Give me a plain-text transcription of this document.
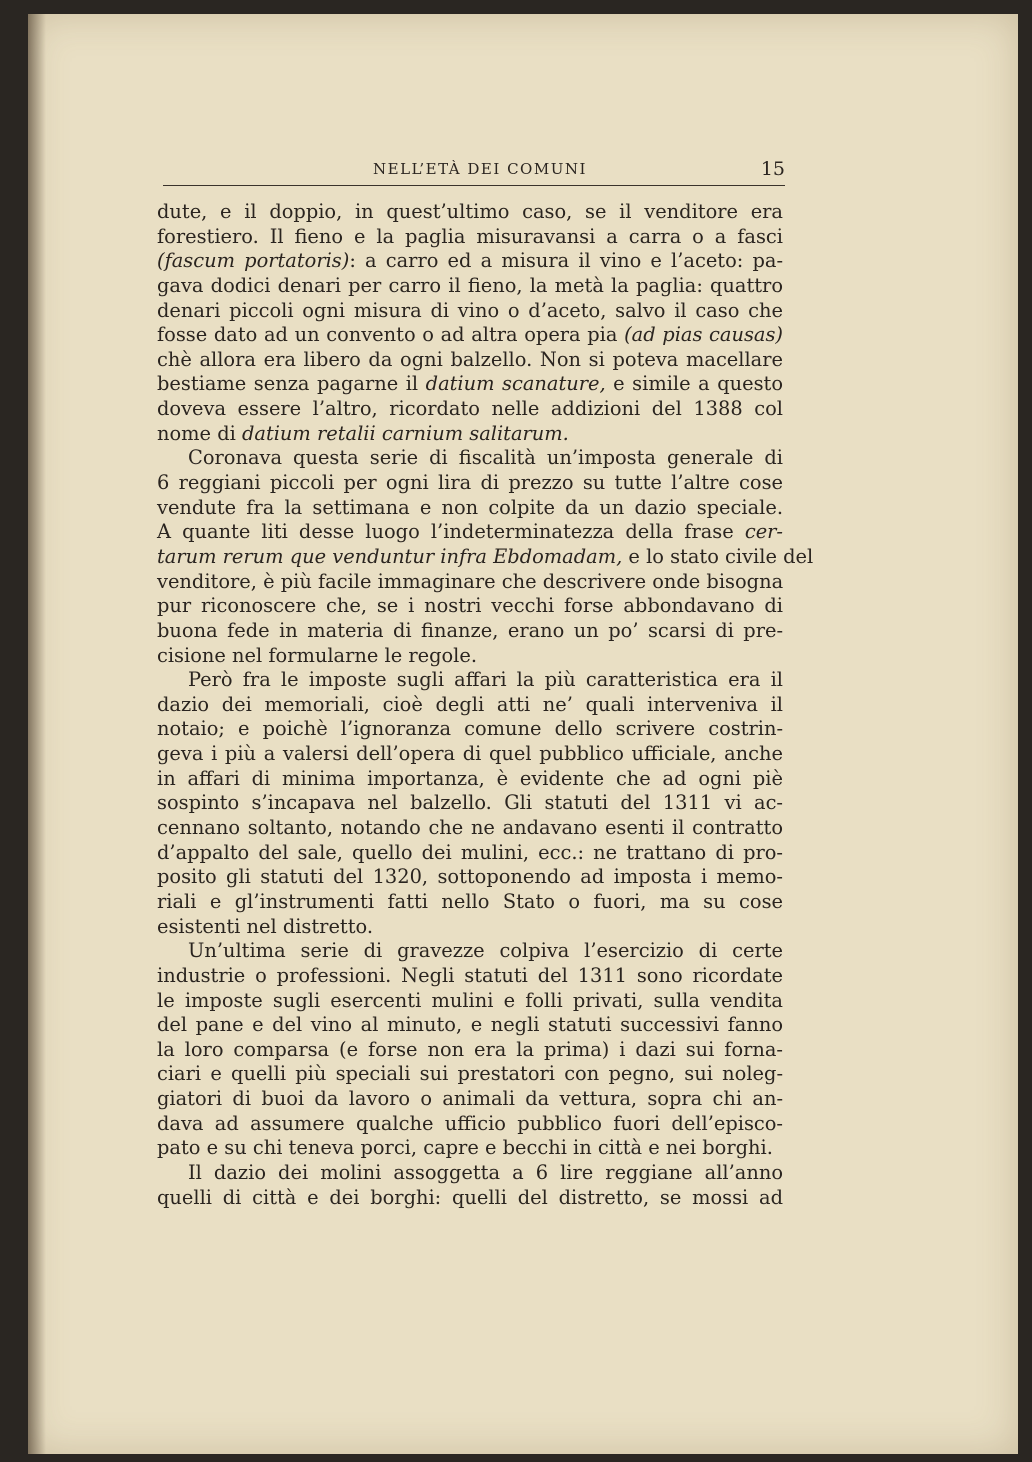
NELL’ETÀ DEI COMUNI	15
dute, e il doppio, in quest’ultimo caso, se il venditore era
forestiero. Il fieno e la paglia misuravansi a carra o a fasci
(fascum portatoris): a carro ed a misura il vino e l’aceto: pa-
gava dodici denari per carro il fieno, la metà la paglia: quattro
denari piccoli ogni misura di vino o d’aceto, salvo il caso che
fosse dato ad un convento o ad altra opera pia (ad pias causas)
chè allora era libero da ogni balzello. Non si poteva macellare
bestiame senza pagarne il datium scanature, e simile a questo
doveva essere l’altro, ricordato nelle addizioni del 1388 col
nome di datium retalii carnium salitarum.
Coronava questa serie di fiscalità un’imposta generale di
6 reggiani piccoli per ogni lira di prezzo su tutte l’altre cose
vendute fra la settimana e non colpite da un dazio speciale.
A quante liti desse luogo l’indeterminatezza della frase cer-
tarum rerum que venduntur infra Ebdomadam, e lo stato civile del
venditore, è più facile immaginare che descrivere onde bisogna
pur riconoscere che, se i nostri vecchi forse abbondavano di
buona fede in materia di finanze, erano un po’ scarsi di pre-
cisione nel formularne le regole.
Però fra le imposte sugli affari la più caratteristica era il
dazio dei memoriali, cioè degli atti ne’ quali interveniva il
notaio; e poichè l’ignoranza comune dello scrivere costrin-
geva i più a valersi dell’opera di quel pubblico ufficiale, anche
in affari di minima importanza, è evidente che ad ogni piè
sospinto s’incapava nel balzello. Gli statuti del 1311 vi ac-
cennano soltanto, notando che ne andavano esenti il contratto
d’appalto del sale, quello dei mulini, ecc.: ne trattano di pro-
posito gli statuti del 1320, sottoponendo ad imposta i memo-
riali e gl’instrumenti fatti nello Stato o fuori, ma su cose
esistenti nel distretto.
Un’ultima serie di gravezze colpiva l’esercizio di certe
industrie o professioni. Negli statuti del 1311 sono ricordate
le imposte sugli esercenti mulini e folli privati, sulla vendita
del pane e del vino al minuto, e negli statuti successivi fanno
la loro comparsa (e forse non era la prima) i dazi sui forna-
ciari e quelli più speciali sui prestatori con pegno, sui noleg-
giatori di buoi da lavoro o animali da vettura, sopra chi an-
dava ad assumere qualche ufficio pubblico fuori dell’episco-
pato e su chi teneva porci, capre e becchi in città e nei borghi.
Il dazio dei molini assoggetta a 6 lire reggiane all’anno
quelli di città e dei borghi: quelli del distretto, se mossi ad
